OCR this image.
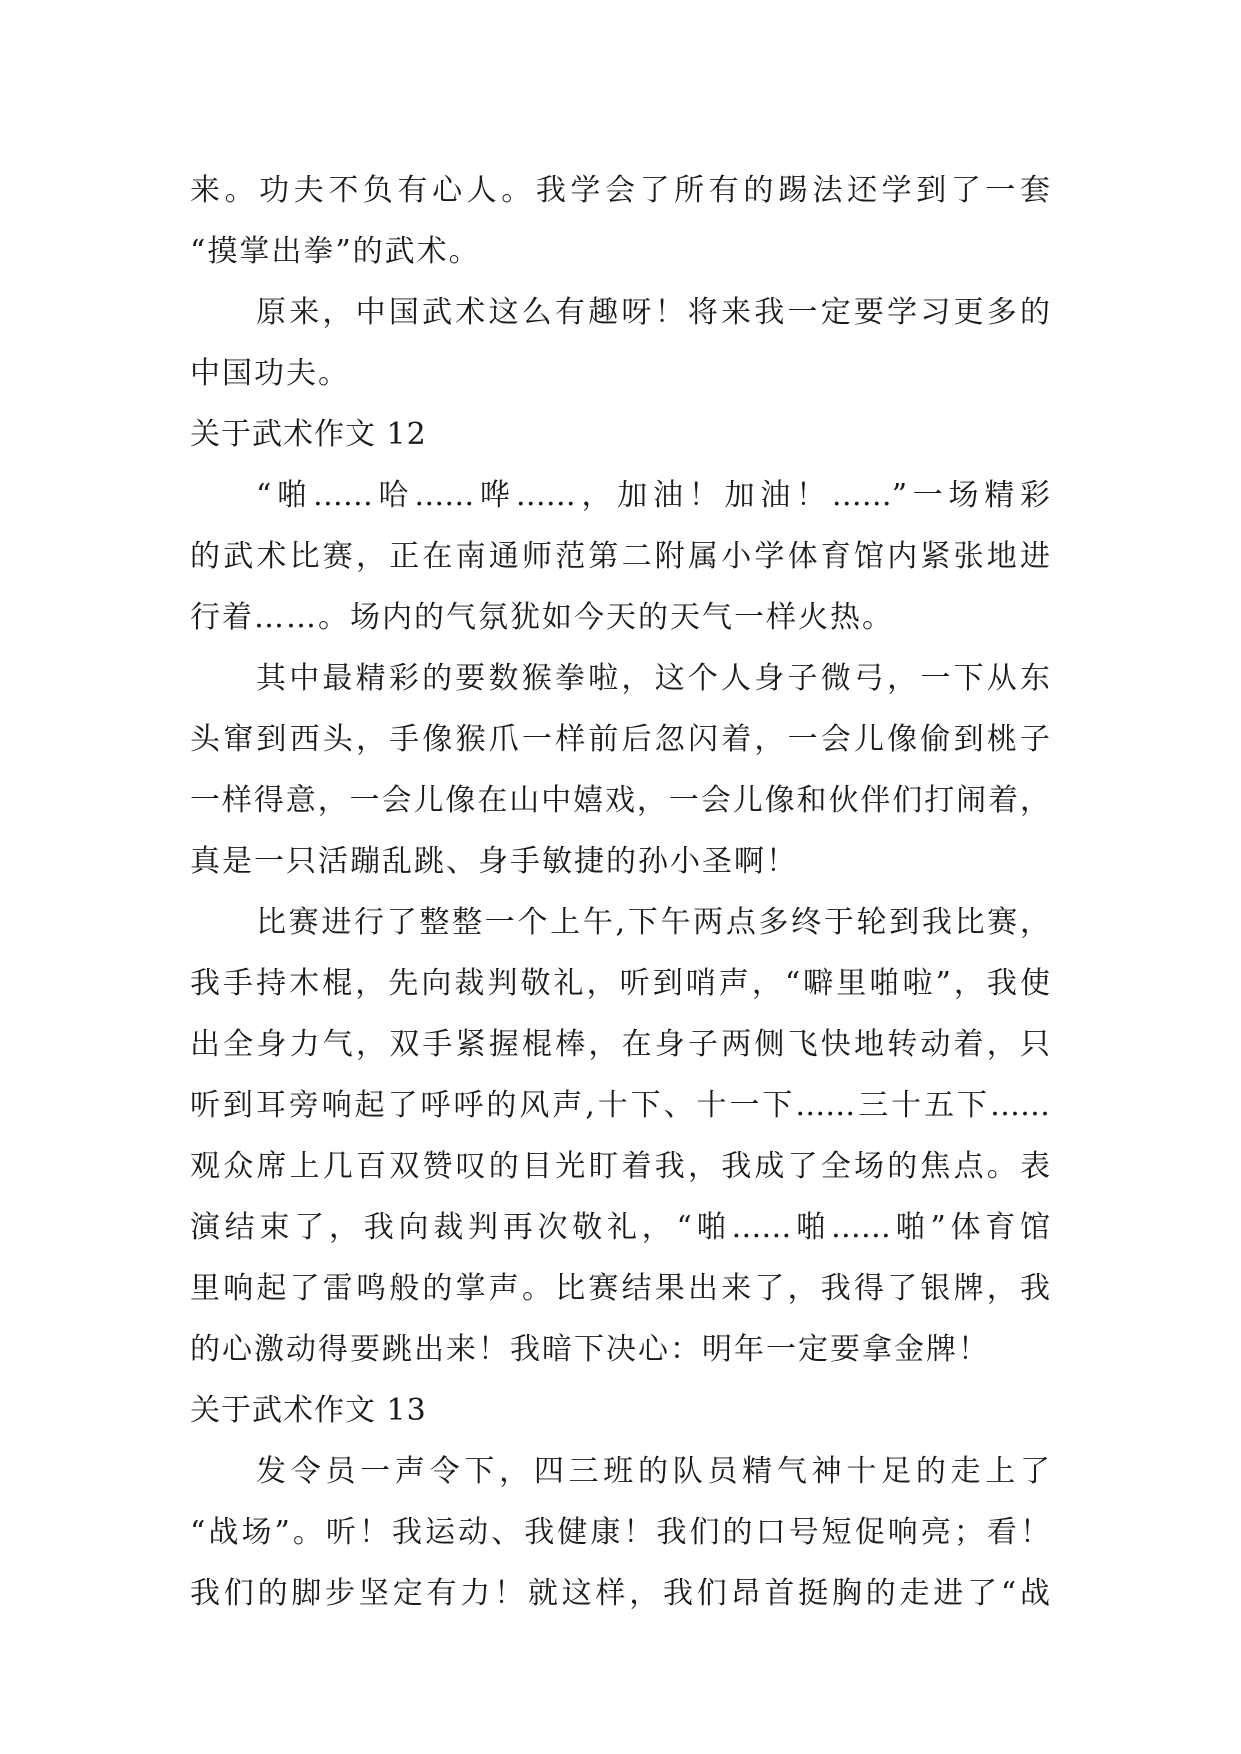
来。功夫不负有心人。我学会了所有的踢法还学到了一套
“摸掌出拳”的武术。
原来，中国武术这么有趣呀！将来我一定要学习更多的
中国功夫。
关于武术作文 12
“啪……哈……哗……，加油！加油！……”一场精彩
的武术比赛，正在南通师范第二附属小学体育馆内紧张地进
行着……。场内的气氛犹如今天的天气一样火热。
其中最精彩的要数猴拳啦，这个人身子微弓，一下从东
头窜到西头，手像猴爪一样前后忽闪着，一会儿像偷到桃子
一样得意，一会儿像在山中嬉戏，一会儿像和伙伴们打闹着，
真是一只活蹦乱跳、身手敏捷的孙小圣啊！
比赛进行了整整一个上午,下午两点多终于轮到我比赛，
我手持木棍，先向裁判敬礼，听到哨声，“噼里啪啦”，我使
出全身力气，双手紧握棍棒，在身子两侧飞快地转动着，只
听到耳旁响起了呼呼的风声,十下、十一下……三十五下……
观众席上几百双赞叹的目光盯着我，我成了全场的焦点。表
演结束了，我向裁判再次敬礼，“啪……啪……啪”体育馆
里响起了雷鸣般的掌声。比赛结果出来了，我得了银牌，我
的心激动得要跳出来！我暗下决心：明年一定要拿金牌！
关于武术作文 13
发令员一声令下，四三班的队员精气神十足的走上了
“战场”。听！我运动、我健康！我们的口号短促响亮；看！
我们的脚步坚定有力！就这样，我们昂首挺胸的走进了“战
